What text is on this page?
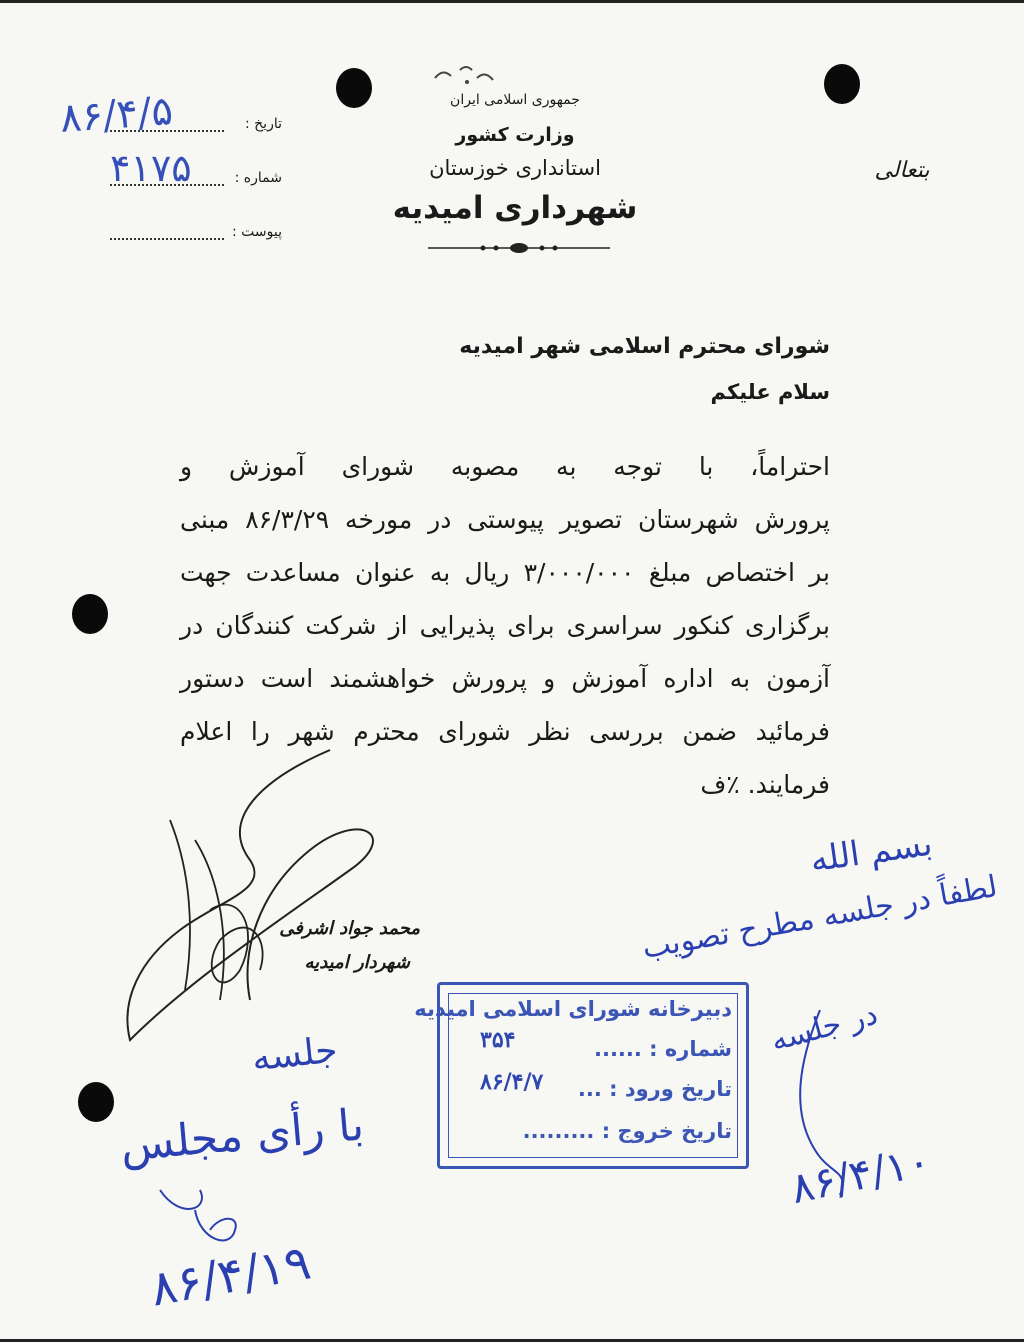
جمهوری اسلامی ایران
وزارت کشور
استانداری خوزستان
شهرداری امیدیه
بتعالی
تاریخ :
شماره :
پیوست :
۸۶/۴/۵
۴۱۷۵
شورای محترم اسلامی شهر امیدیه
سلام علیکم
احتراماً، با توجه به مصوبه شورای آموزش و
پرورش شهرستان تصویر پیوستی در مورخه ۸۶/۳/۲۹ مبنی
بر اختصاص مبلغ ۳/۰۰۰/۰۰۰ ریال به عنوان مساعدت جهت
برگزاری کنکور سراسری برای پذیرایی از شرکت کنندگان در
آزمون به اداره آموزش و پرورش خواهشمند است دستور
فرمائید ضمن بررسی نظر شورای محترم شهر را اعلام
فرمایند. ٪ف
محمد جواد اشرفی
شهردار امیدیه
دبیرخانه شورای اسلامی امیدیه
شماره : ......
۳۵۴
تاریخ ورود : ...
۸۶/۴/۷
تاریخ خروج : .........
بسم الله
لطفاً در جلسه مطرح تصویب
در جلسه
۸۶/۴/۱۰
جلسه
با رأی مجلس
۸۶/۴/۱۹
